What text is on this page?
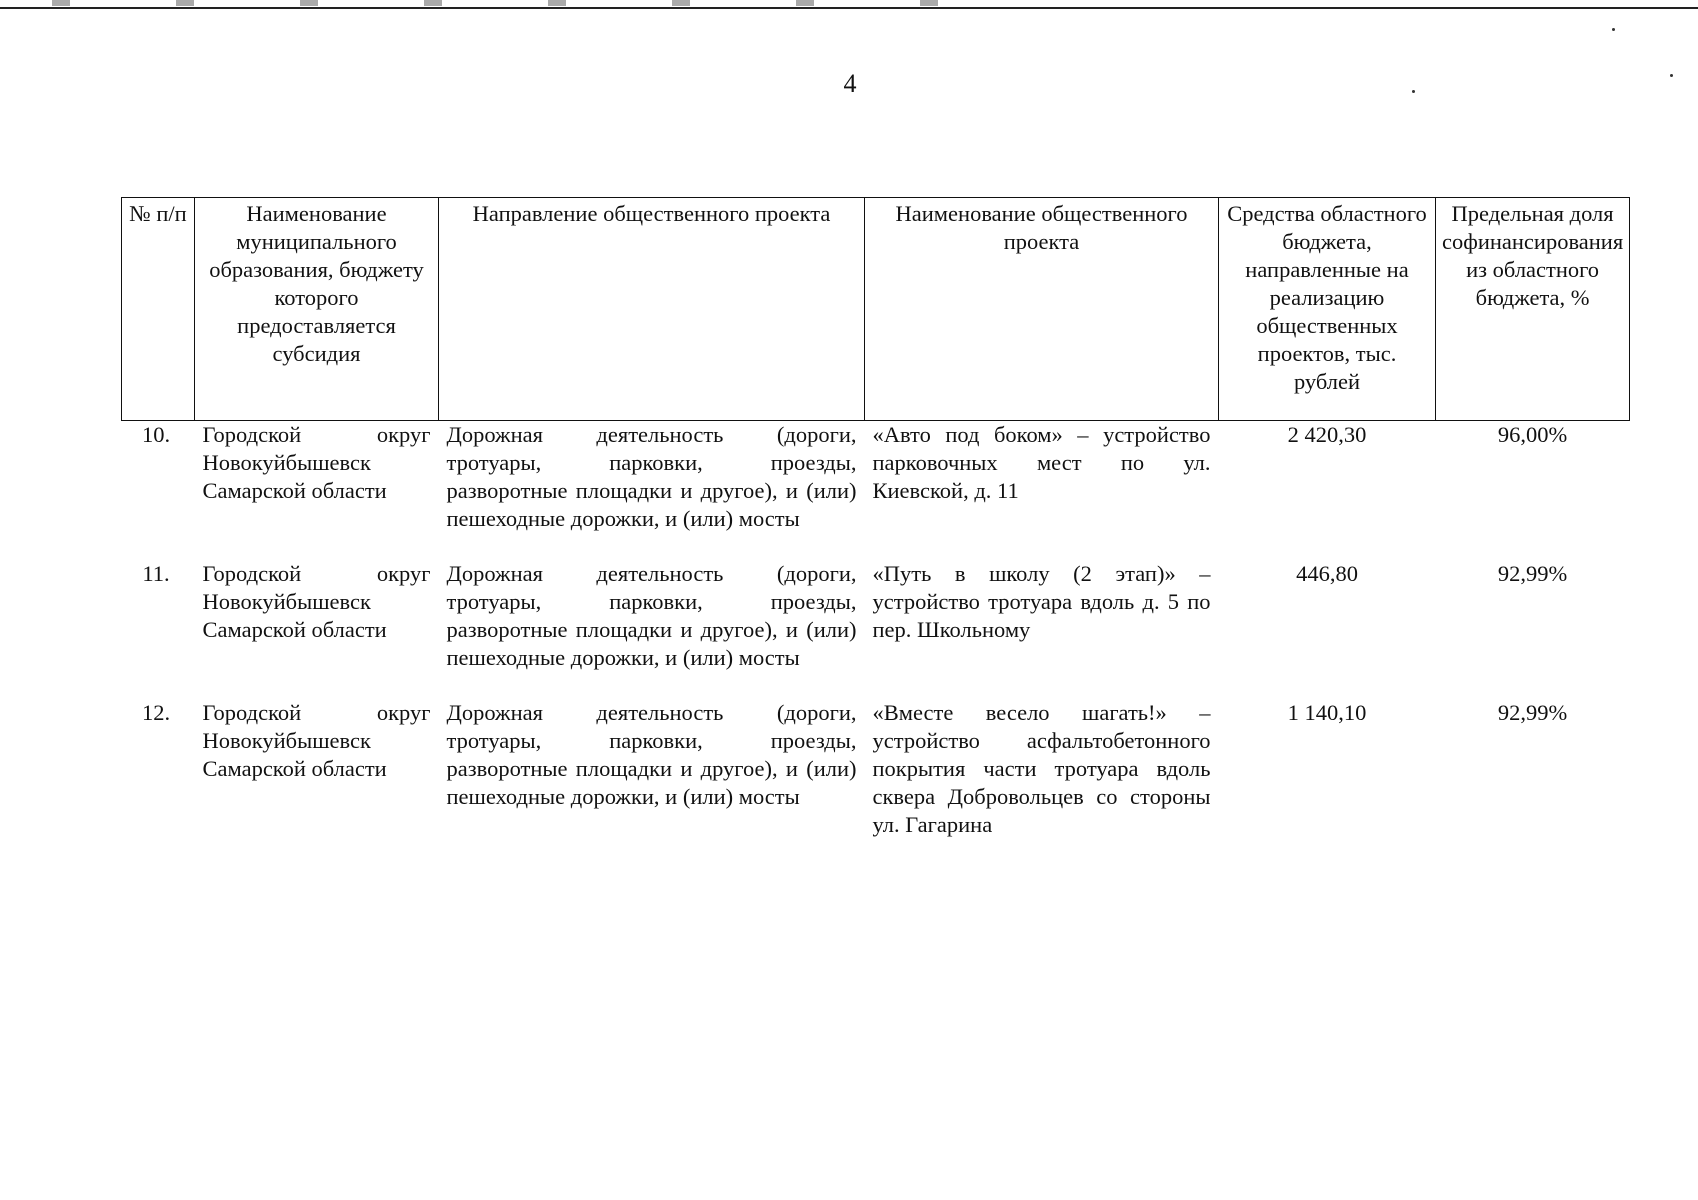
4
№ п/п	Наименование муниципального образования, бюджету которого предоставляется субсидия	Направление общественного проекта	Наименование общественного проекта	Средства областного бюджета, направленные на реализацию общественных проектов, тыс. рублей	Предельная доля софинансирования из областного бюджета, %
10.	Городской округ Новокуйбышевск Самарской области	Дорожная деятельность (дороги, тротуары, парковки, проезды, разворотные площадки и другое), и (или) пешеходные дорожки, и (или) мосты	«Авто под боком» – устройство парковочных мест по ул. Киевской, д. 11	2 420,30	96,00%
11.	Городской округ Новокуйбышевск Самарской области	Дорожная деятельность (дороги, тротуары, парковки, проезды, разворотные площадки и другое), и (или) пешеходные дорожки, и (или) мосты	«Путь в школу (2 этап)» – устройство тротуара вдоль д. 5 по пер. Школьному	446,80	92,99%
12.	Городской округ Новокуйбышевск Самарской области	Дорожная деятельность (дороги, тротуары, парковки, проезды, разворотные площадки и другое), и (или) пешеходные дорожки, и (или) мосты	«Вместе весело шагать!» – устройство асфальтобетонного покрытия части тротуара вдоль сквера Добровольцев со стороны ул. Гагарина	1 140,10	92,99%
